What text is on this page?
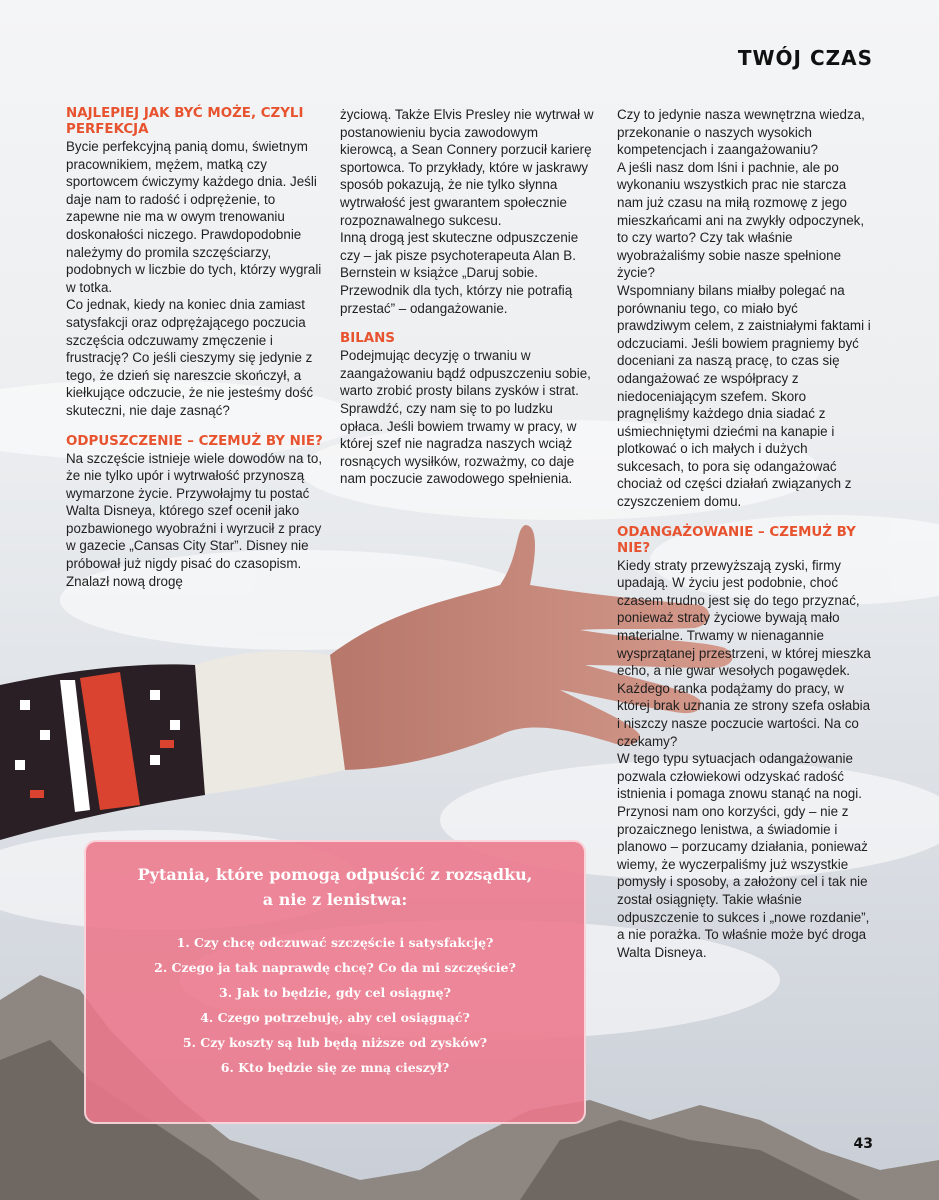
TWÓJ CZAS
NAJLEPIEJ JAK BYĆ MOŻE, CZYLI PERFEKCJA

Bycie perfekcyjną panią domu, świetnym pracownikiem, mężem, matką czy sportowcem ćwiczymy każdego dnia. Jeśli daje nam to radość i odprężenie, to zapewne nie ma w owym trenowaniu doskonałości niczego. Prawdopodobnie należymy do promila szczęściarzy, podobnych w liczbie do tych, którzy wygrali w totka.

Co jednak, kiedy na koniec dnia zamiast satysfakcji oraz odprężającego poczucia szczęścia odczuwamy zmęczenie i frustrację? Co jeśli cieszymy się jedynie z tego, że dzień się nareszcie skończył, a kiełkujące odczucie, że nie jesteśmy dość skuteczni, nie daje zasnąć?

ODPUSZCZENIE – CZEMUŻ BY NIE?

Na szczęście istnieje wiele dowodów na to, że nie tylko upór i wytrwałość przynoszą wymarzone życie. Przywołajmy tu postać Walta Disneya, którego szef ocenił jako pozbawionego wyobraźni i wyrzucił z pracy w gazecie „Cansas City Star”. Disney nie próbował już nigdy pisać do czasopism. Znalazł nową drogę

życiową. Także Elvis Presley nie wytrwał w postanowieniu bycia zawodowym kierowcą, a Sean Connery porzucił karierę sportowca. To przykłady, które w jaskrawy sposób pokazują, że nie tylko słynna wytrwałość jest gwarantem społecznie rozpoznawalnego sukcesu.

Inną drogą jest skuteczne odpuszczenie czy – jak pisze psychoterapeuta Alan B. Bernstein w książce „Daruj sobie. Przewodnik dla tych, którzy nie potrafią przestać” – odangażowanie.

BILANS

Podejmując decyzję o trwaniu w zaangażowaniu bądź odpuszczeniu sobie, warto zrobić prosty bilans zysków i strat. Sprawdźć, czy nam się to po ludzku opłaca. Jeśli bowiem trwamy w pracy, w której szef nie nagradza naszych wciąż rosnących wysiłków, rozważmy, co daje nam poczucie zawodowego spełnienia.

Czy to jedynie nasza wewnętrzna wiedza, przekonanie o naszych wysokich kompetencjach i zaangażowaniu?

A jeśli nasz dom lśni i pachnie, ale po wykonaniu wszystkich prac nie starcza nam już czasu na miłą rozmowę z jego mieszkańcami ani na zwykły odpoczynek, to czy warto? Czy tak właśnie wyobrażaliśmy sobie nasze spełnione życie?

Wspomniany bilans miałby polegać na porównaniu tego, co miało być prawdziwym celem, z zaistniałymi faktami i odczuciami. Jeśli bowiem pragniemy być doceniani za naszą pracę, to czas się odangażować ze współpracy z niedoceniającym szefem. Skoro pragnęliśmy każdego dnia siadać z uśmiechniętymi dziećmi na kanapie i plotkować o ich małych i dużych sukcesach, to pora się odangażować chociaż od części działań związanych z czyszczeniem domu.

ODANGAŻOWANIE – CZEMUŻ BY NIE?

Kiedy straty przewyższają zyski, firmy upadają. W życiu jest podobnie, choć czasem trudno jest się do tego przyznać, ponieważ straty życiowe bywają mało materialne. Trwamy w nienagannie wysprzątanej przestrzeni, w której mieszka echo, a nie gwar wesołych pogawędek. Każdego ranka podążamy do pracy, w której brak uznania ze strony szefa osłabia i niszczy nasze poczucie wartości. Na co czekamy?

W tego typu sytuacjach odangażowanie pozwala człowiekowi odzyskać radość istnienia i pomaga znowu stanąć na nogi. Przynosi nam ono korzyści, gdy – nie z prozaicznego lenistwa, a świadomie i planowo – porzucamy działania, ponieważ wiemy, że wyczerpaliśmy już wszystkie pomysły i sposoby, a założony cel i tak nie został osiągnięty. Takie właśnie odpuszczenie to sukces i „nowe rozdanie”, a nie porażka. To właśnie może być droga Walta Disneya.

Pytania, które pomogą odpuścić z rozsądku,
a nie z lenistwa:
1. Czy chcę odczuwać szczęście i satysfakcję?
2. Czego ja tak naprawdę chcę? Co da mi szczęście?
3. Jak to będzie, gdy cel osiągnę?
4. Czego potrzebuję, aby cel osiągnąć?
5. Czy koszty są lub będą niższe od zysków?
6. Kto będzie się ze mną cieszył?
43
